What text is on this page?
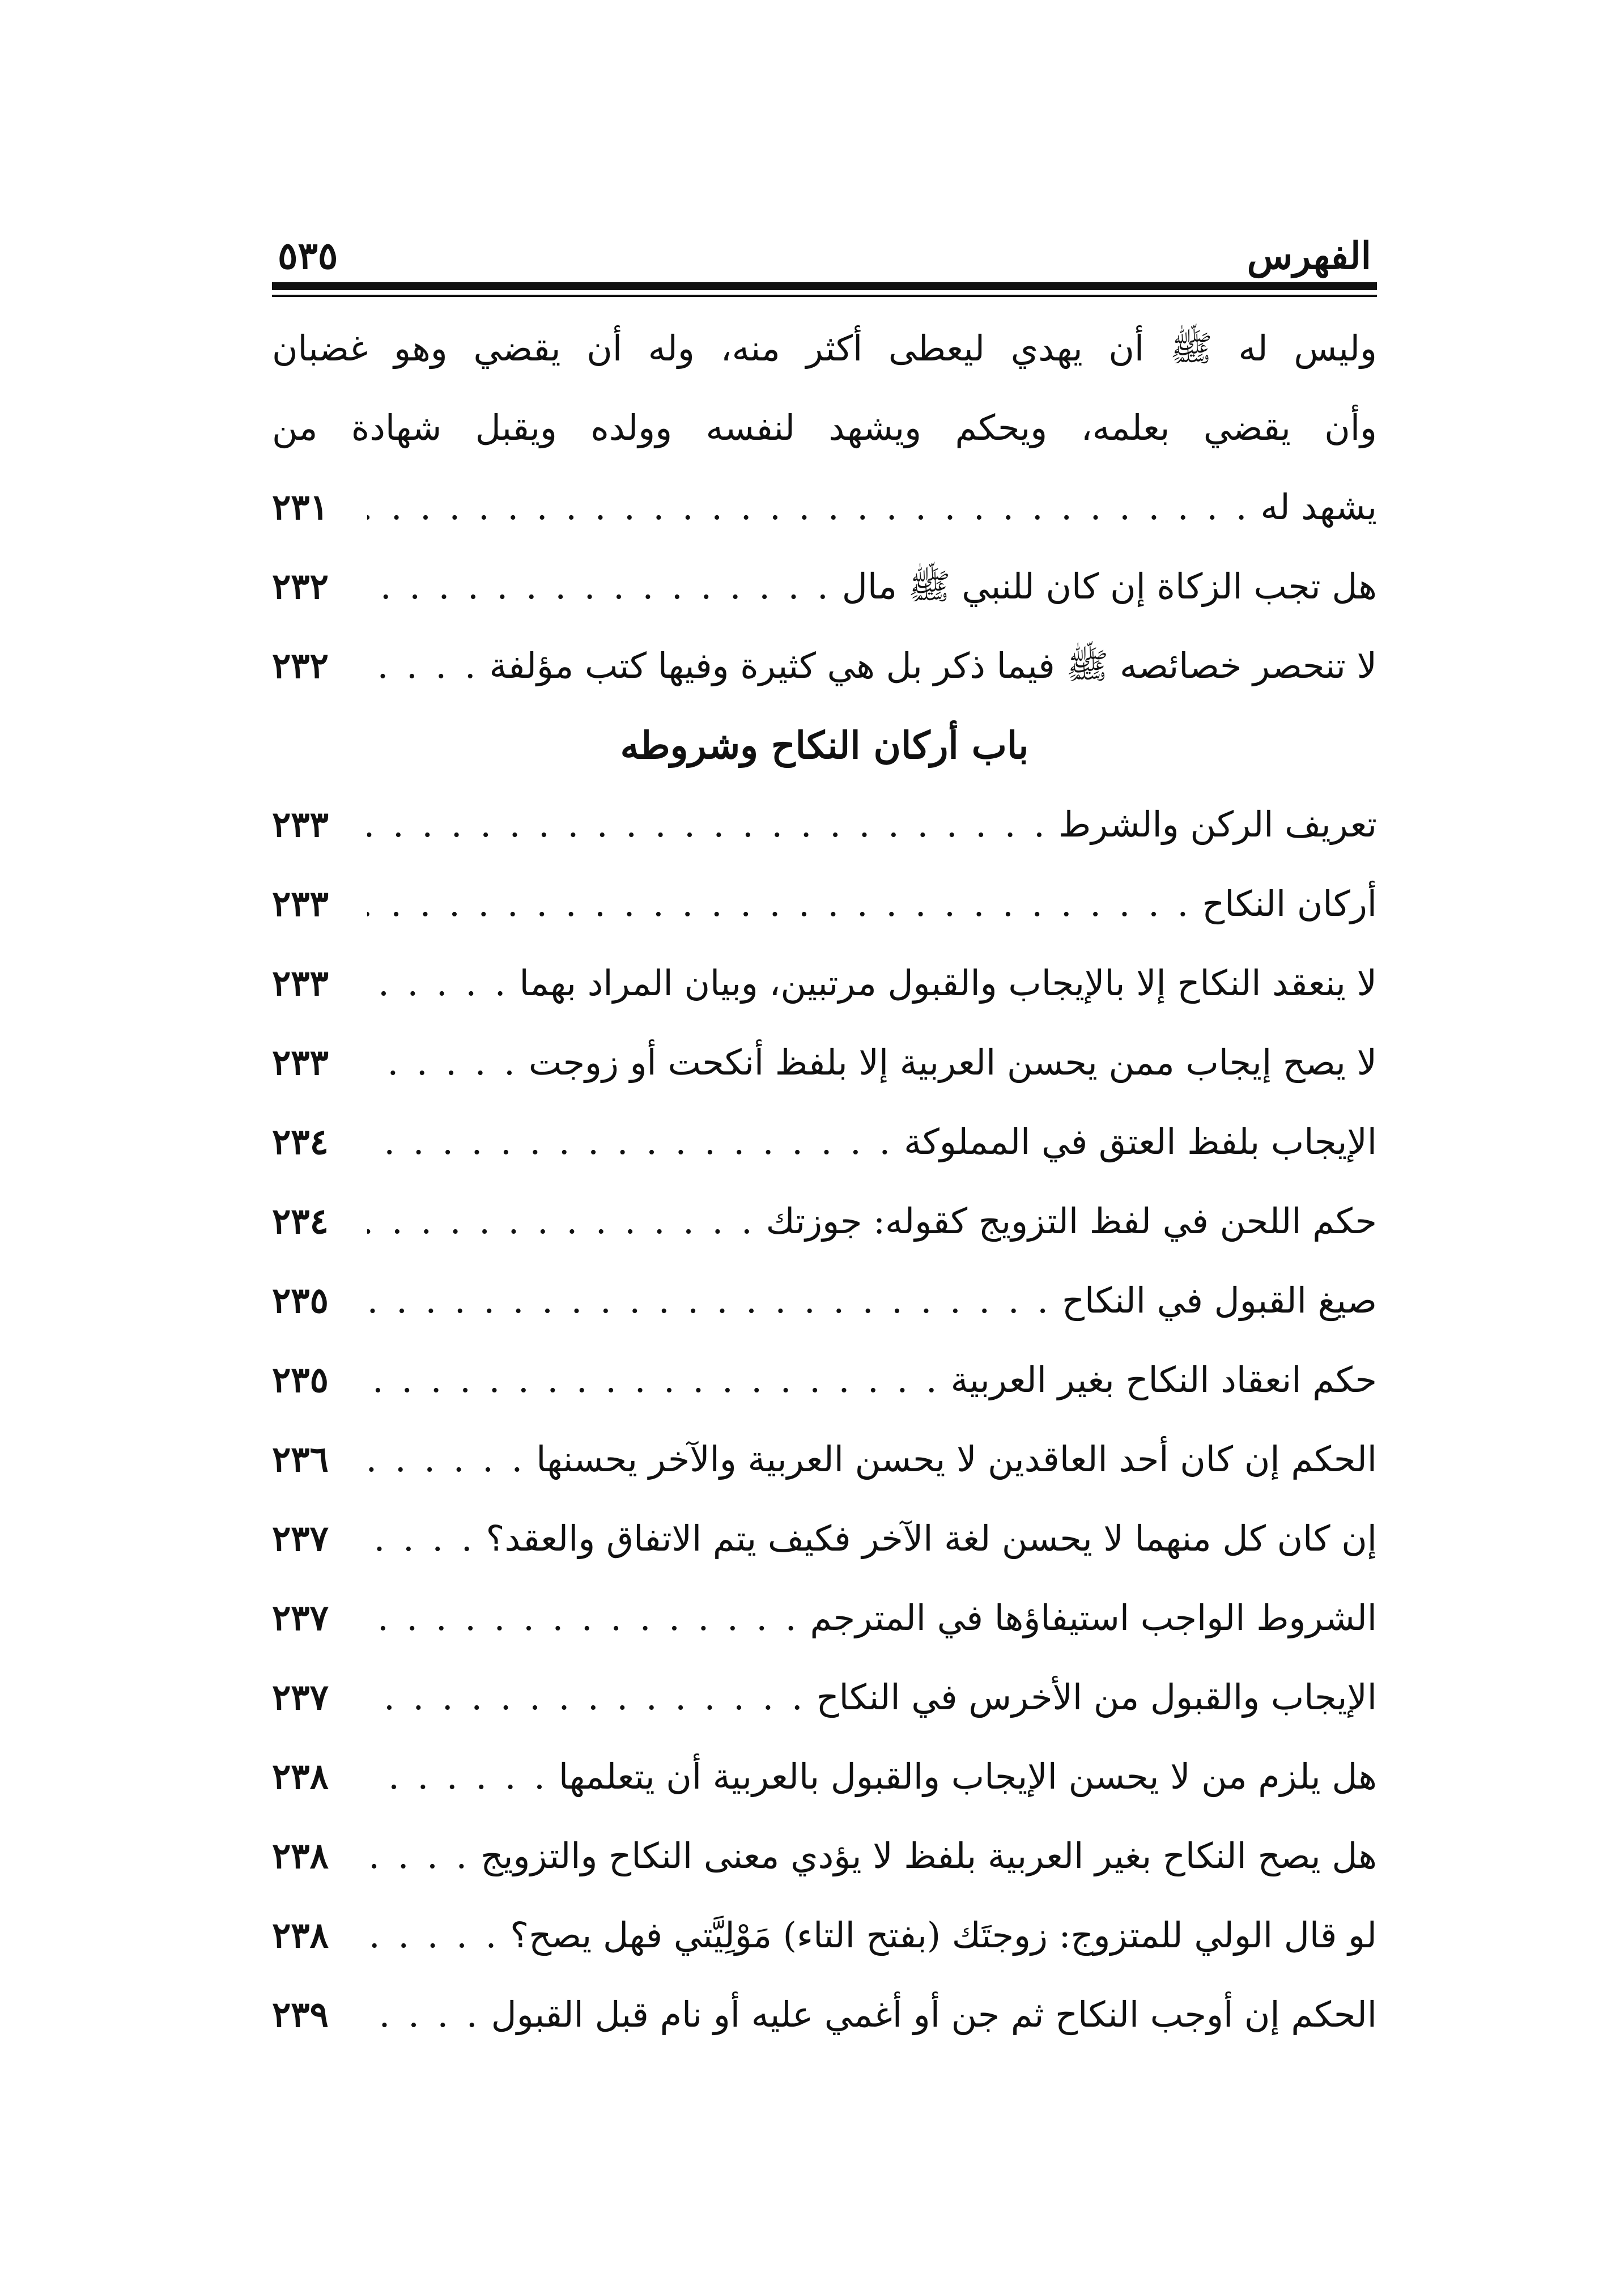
الفهرس
٥٣٥
وليس له ﷺ أن يهدي ليعطى أكثر منه، وله أن يقضي وهو غضبان
وأن يقضي بعلمه، ويحكم ويشهد لنفسه وولده ويقبل شهادة من
يشهد له
. . .
٢٣١
هل تجب الزكاة إن كان للنبي ﷺ مال
. . .
٢٣٢
لا تنحصر خصائصه ﷺ فيما ذكر بل هي كثيرة وفيها كتب مؤلفة
. . .
٢٣٢
باب أركان النكاح وشروطه
تعريف الركن والشرط
. . .
٢٣٣
أركان النكاح
. . .
٢٣٣
لا ينعقد النكاح إلا بالإيجاب والقبول مرتبين، وبيان المراد بهما
. . .
٢٣٣
لا يصح إيجاب ممن يحسن العربية إلا بلفظ أنكحت أو زوجت
. . .
٢٣٣
الإيجاب بلفظ العتق في المملوكة
. . .
٢٣٤
حكم اللحن في لفظ التزويج كقوله: جوزتك
. . .
٢٣٤
صيغ القبول في النكاح
. . .
٢٣٥
حكم انعقاد النكاح بغير العربية
. . .
٢٣٥
الحكم إن كان أحد العاقدين لا يحسن العربية والآخر يحسنها
. . .
٢٣٦
إن كان كل منهما لا يحسن لغة الآخر فكيف يتم الاتفاق والعقد؟
. . .
٢٣٧
الشروط الواجب استيفاؤها في المترجم
. . .
٢٣٧
الإيجاب والقبول من الأخرس في النكاح
. . .
٢٣٧
هل يلزم من لا يحسن الإيجاب والقبول بالعربية أن يتعلمها
. . .
٢٣٨
هل يصح النكاح بغير العربية بلفظ لا يؤدي معنى النكاح والتزويج
. . .
٢٣٨
لو قال الولي للمتزوج: زوجتَك (بفتح التاء) مَوْلِيَّتي فهل يصح؟
. . .
٢٣٨
الحكم إن أوجب النكاح ثم جن أو أغمي عليه أو نام قبل القبول
. . .
٢٣٩
